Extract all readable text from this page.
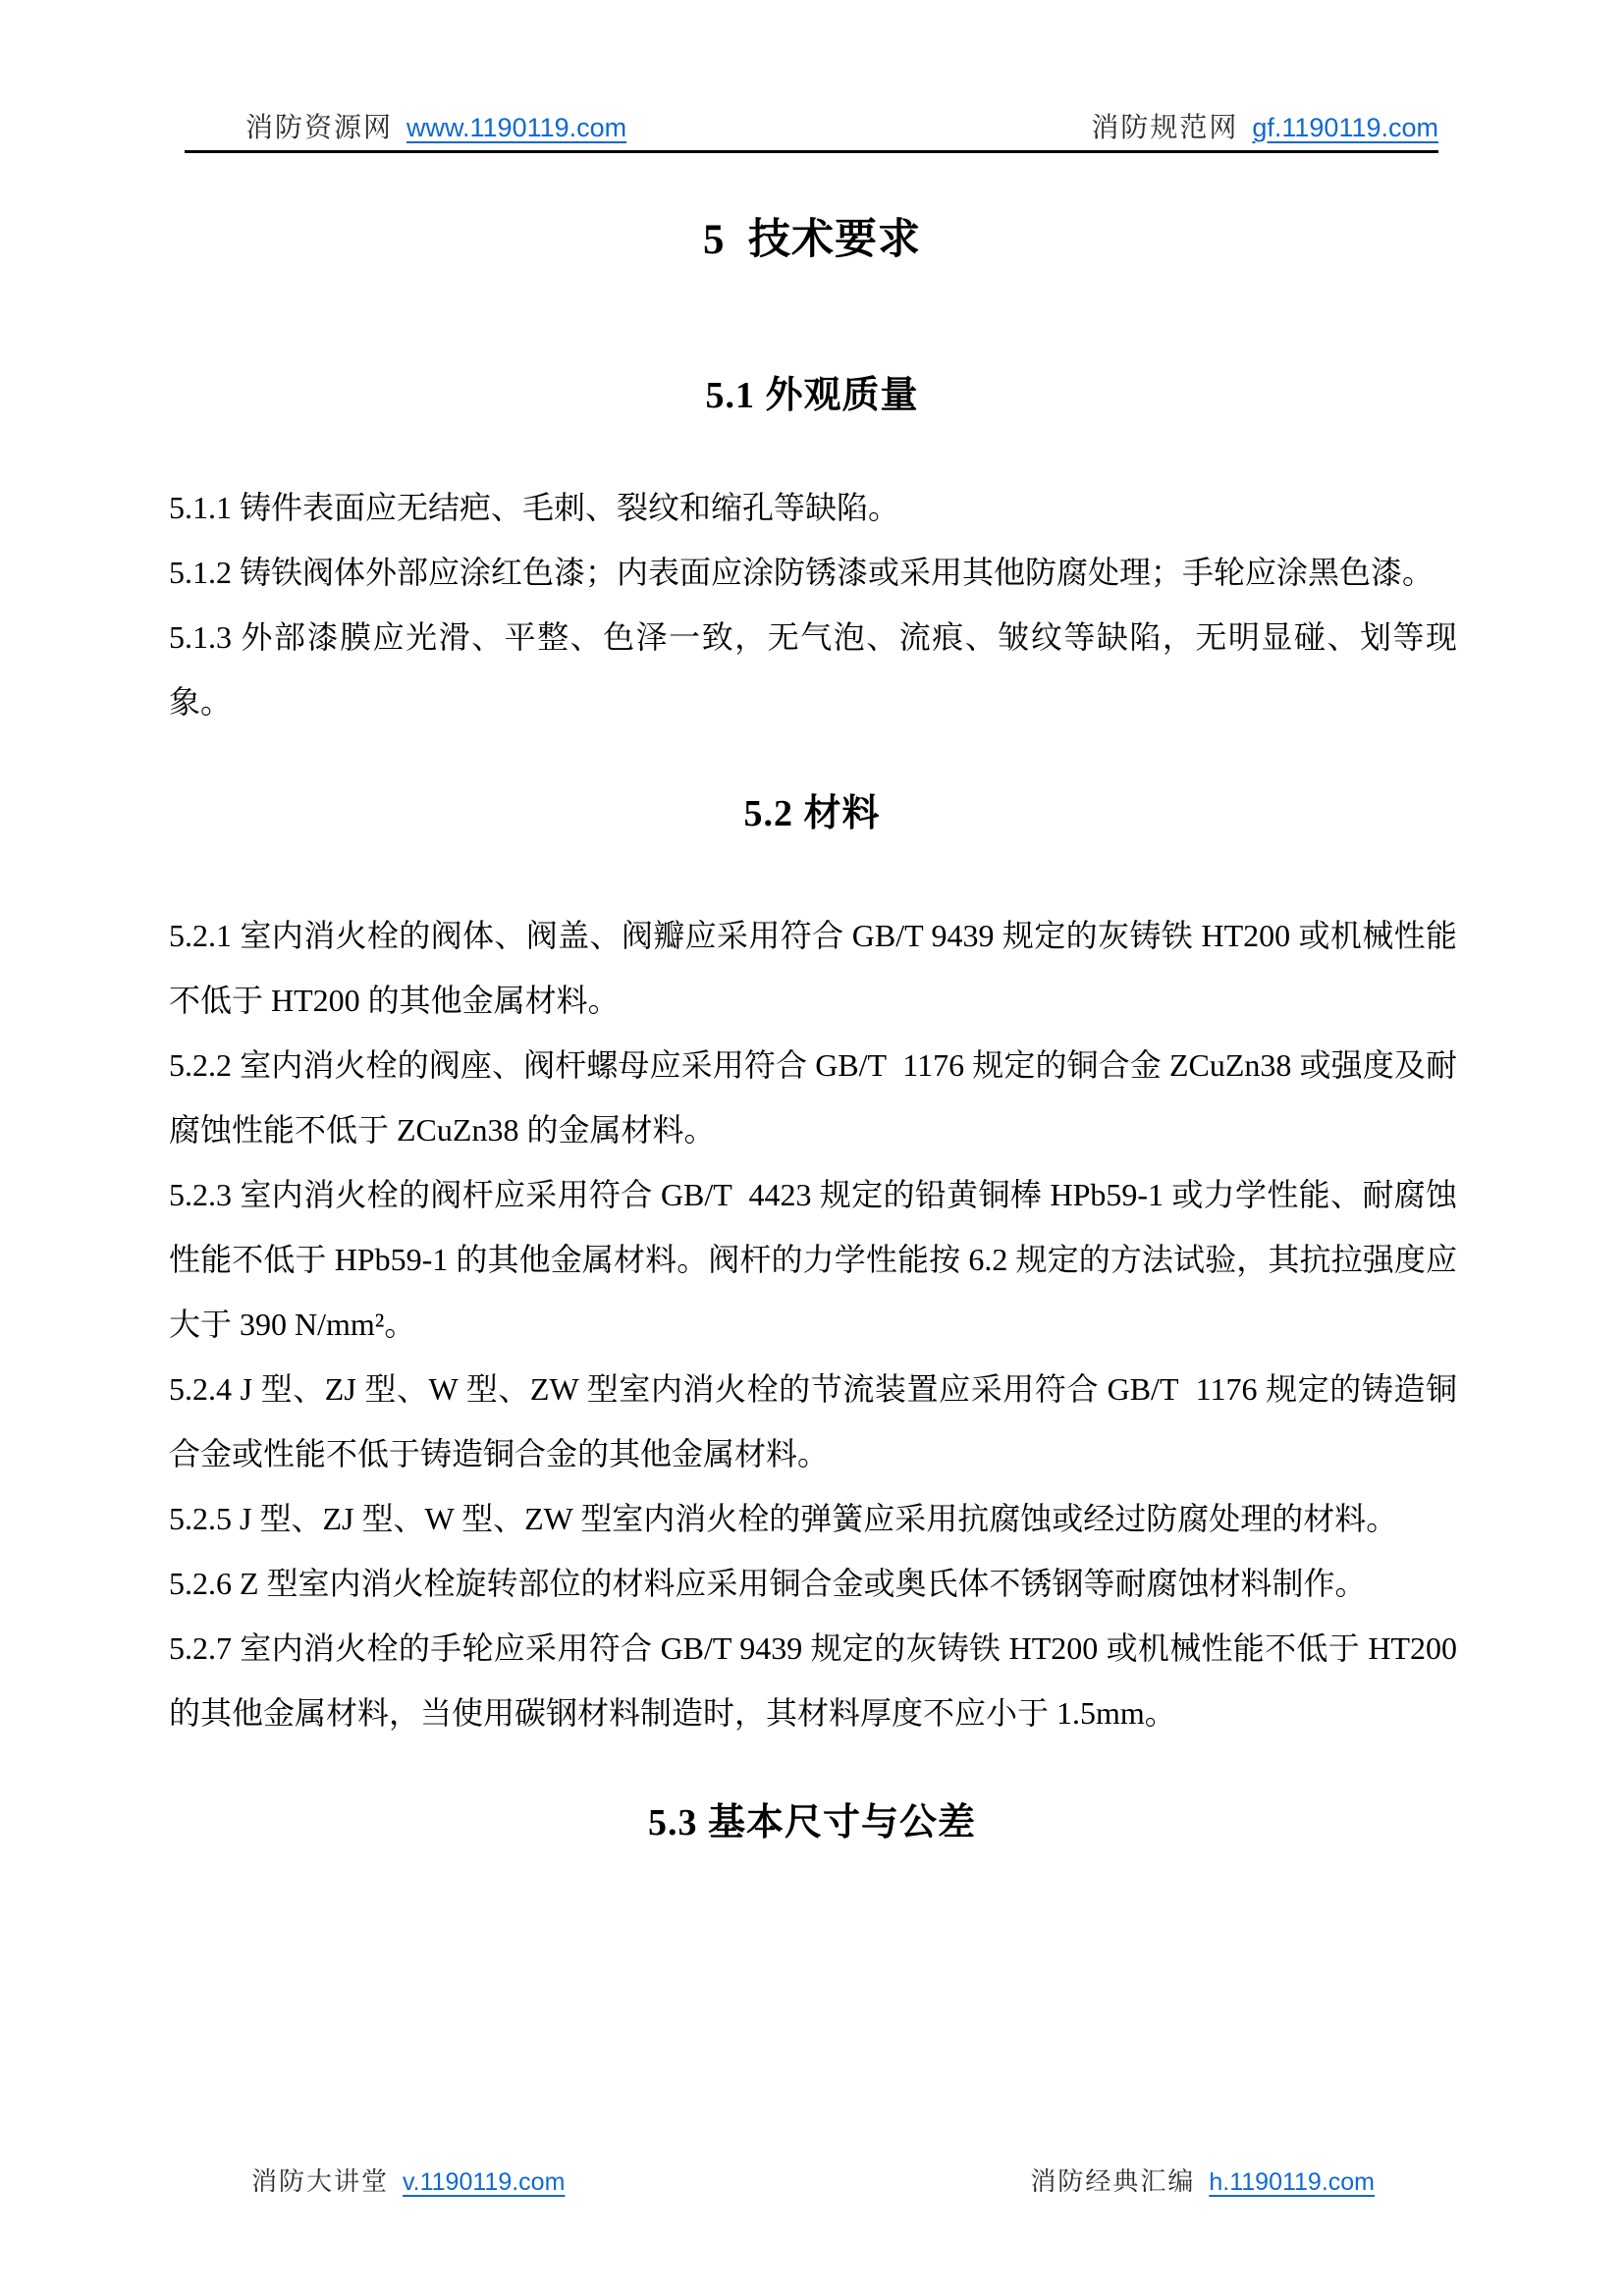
消防资源网 www.1190119.com	消防规范网 gf.1190119.com
5  技术要求
5.1 外观质量

5.1.1 铸件表面应无结疤、毛刺、裂纹和缩孔等缺陷。

5.1.2 铸铁阀体外部应涂红色漆；内表面应涂防锈漆或采用其他防腐处理；手轮应涂黑色漆。

5.1.3 外部漆膜应光滑、平整、色泽一致，无气泡、流痕、皱纹等缺陷，无明显碰、划等现象。

5.2 材料

5.2.1 室内消火栓的阀体、阀盖、阀瓣应采用符合 GB/T 9439 规定的灰铸铁 HT200 或机械性能不低于 HT200 的其他金属材料。

5.2.2 室内消火栓的阀座、阀杆螺母应采用符合 GB/T  1176 规定的铜合金 ZCuZn38 或强度及耐腐蚀性能不低于 ZCuZn38 的金属材料。

5.2.3 室内消火栓的阀杆应采用符合 GB/T  4423 规定的铅黄铜棒 HPb59-1 或力学性能、耐腐蚀性能不低于 HPb59-1 的其他金属材料。阀杆的力学性能按 6.2 规定的方法试验，其抗拉强度应大于 390 N/mm²。

5.2.4 J 型、ZJ 型、W 型、ZW 型室内消火栓的节流装置应采用符合 GB/T  1176 规定的铸造铜合金或性能不低于铸造铜合金的其他金属材料。

5.2.5 J 型、ZJ 型、W 型、ZW 型室内消火栓的弹簧应采用抗腐蚀或经过防腐处理的材料。

5.2.6 Z 型室内消火栓旋转部位的材料应采用铜合金或奥氏体不锈钢等耐腐蚀材料制作。

5.2.7 室内消火栓的手轮应采用符合 GB/T 9439 规定的灰铸铁 HT200 或机械性能不低于 HT200 的其他金属材料，当使用碳钢材料制造时，其材料厚度不应小于 1.5mm。

5.3 基本尺寸与公差
消防大讲堂 v.1190119.com	消防经典汇编 h.1190119.com
